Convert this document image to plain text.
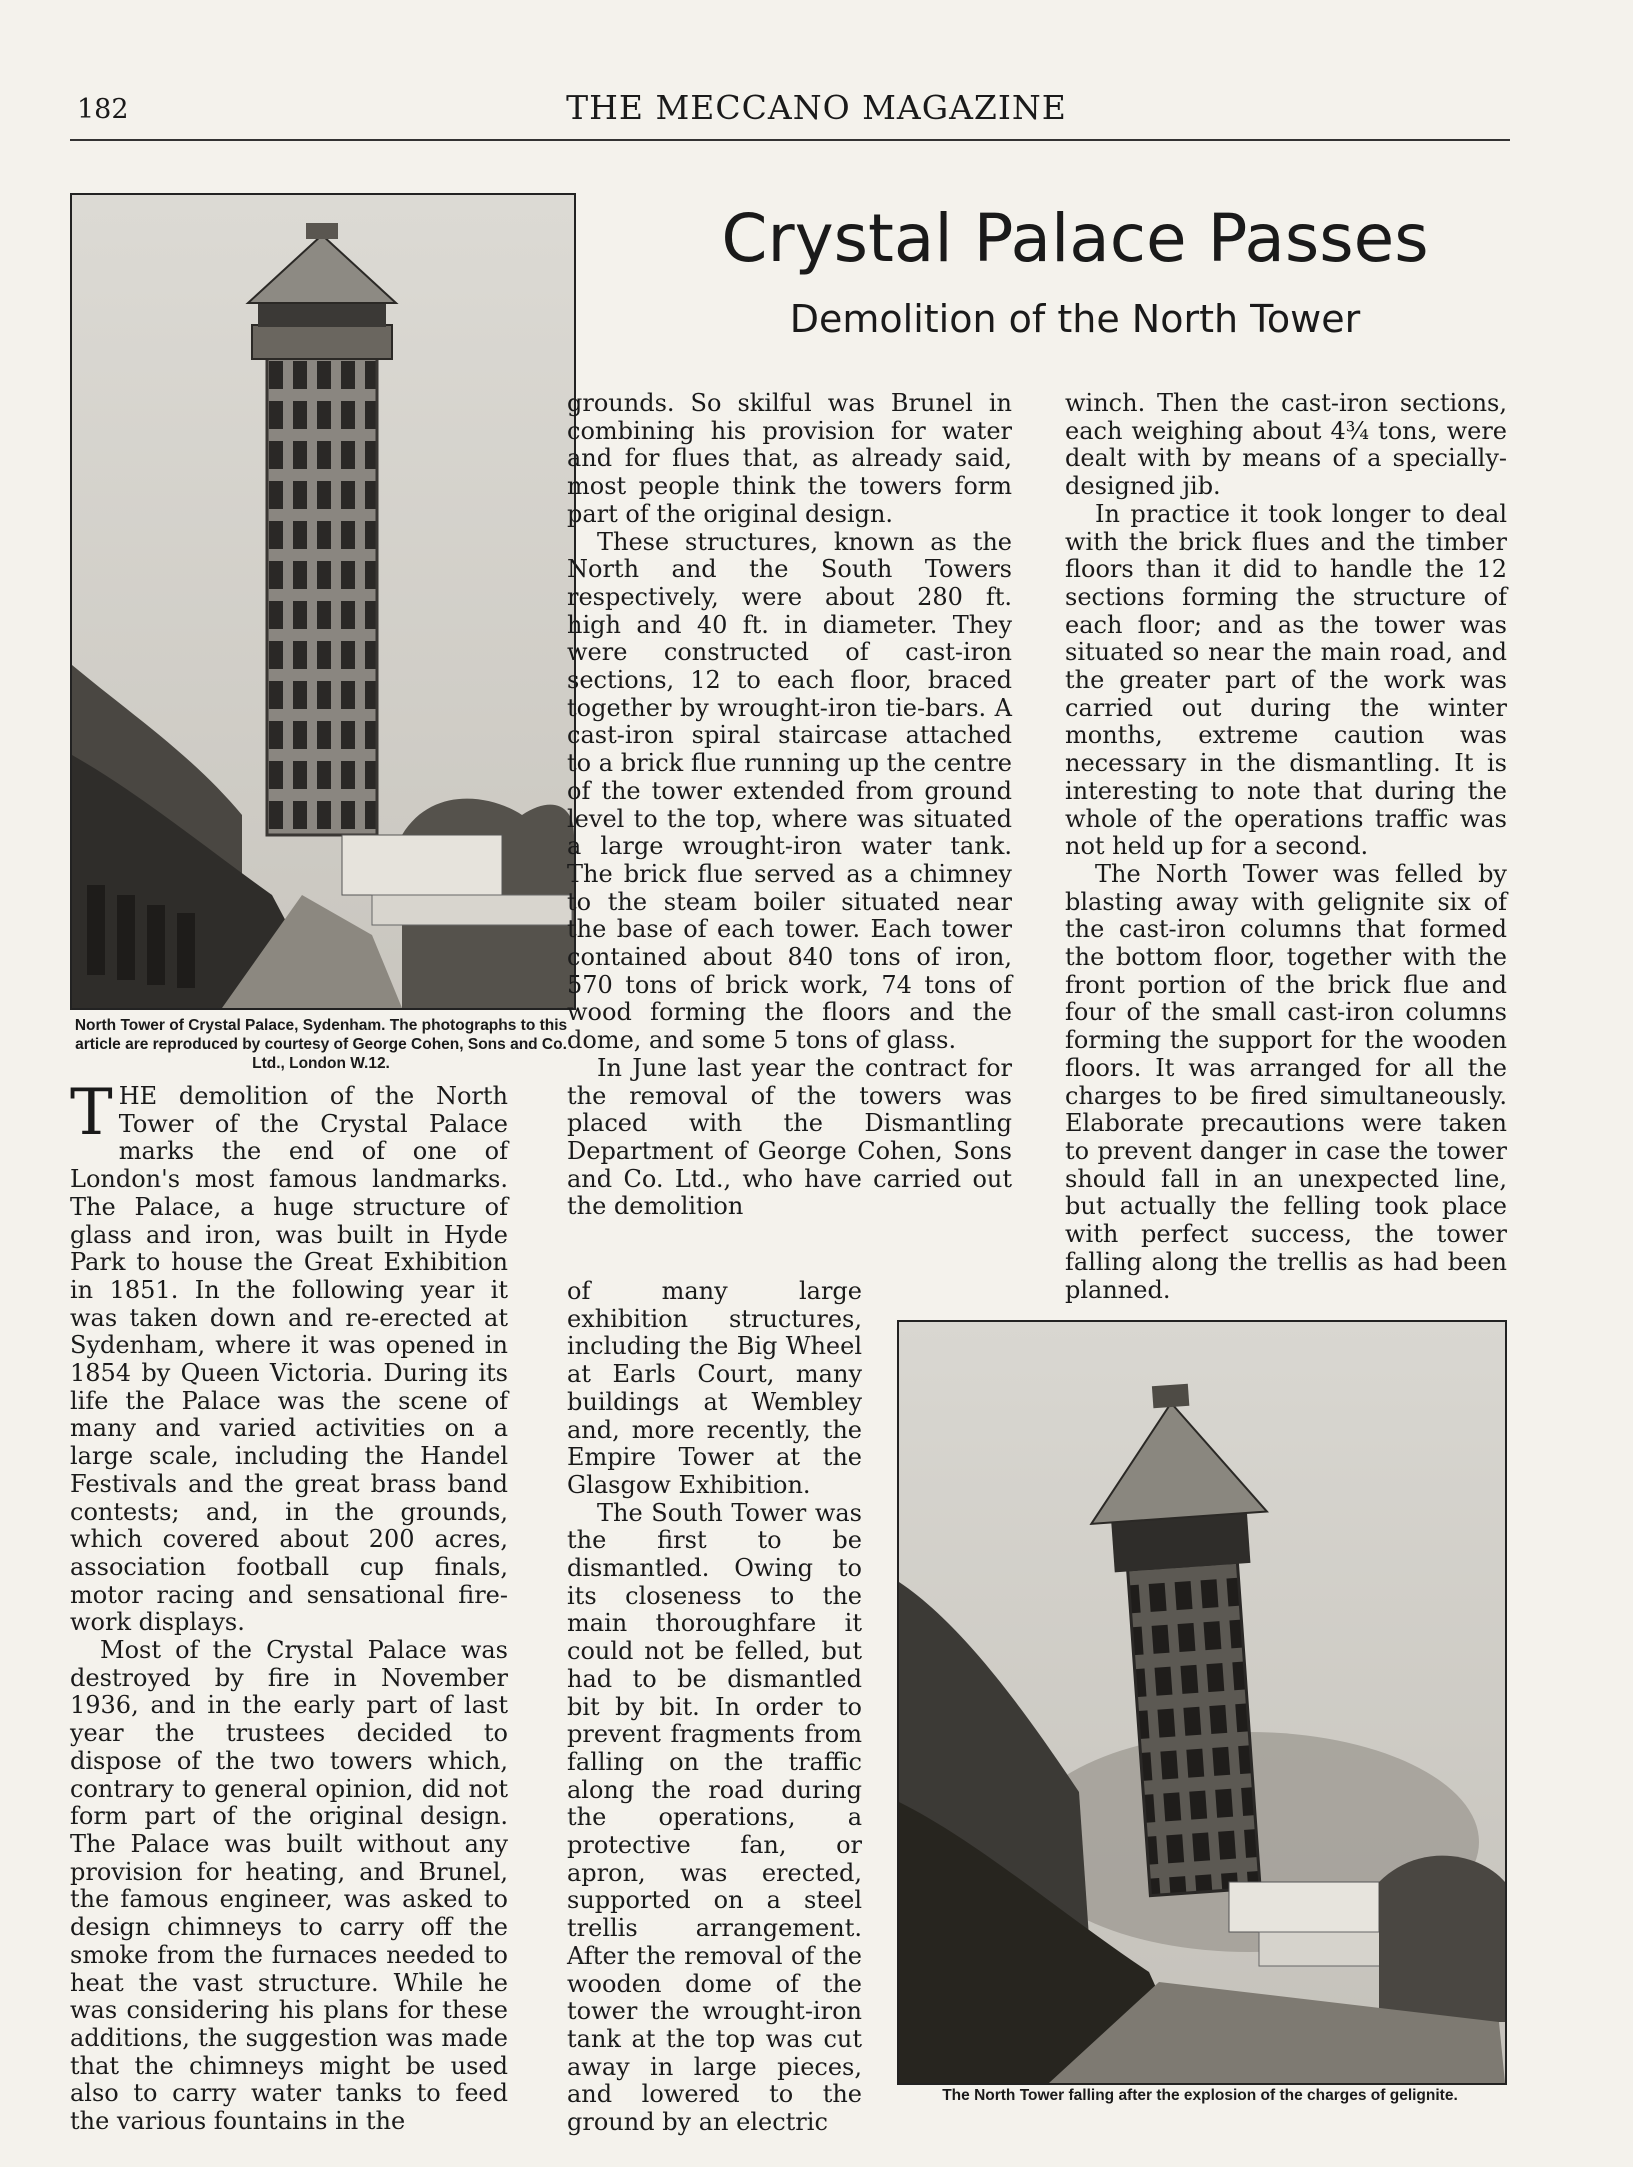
182	THE MECCANO MAGAZINE
Crystal Palace Passes
Demolition of the North Tower
North Tower of Crystal Palace, Sydenham. The photographs to this article are reproduced by courtesy of George Cohen, Sons and Co. Ltd., London W.12.
The North Tower falling after the explosion of the charges of gelignite.

THE demolition of the North Tower of the Crystal Palace marks the end of one of London's most famous landmarks. The Palace, a huge structure of glass and iron, was built in Hyde Park to house the Great Exhibition in 1851. In the following year it was taken down and re-erected at Sydenham, where it was opened in 1854 by Queen Victoria. During its life the Palace was the scene of many and varied activities on a large scale, including the Handel Festivals and the great brass band contests; and, in the grounds, which covered about 200 acres, association football cup finals, motor racing and sensational fire-work displays.

Most of the Crystal Palace was destroyed by fire in November 1936, and in the early part of last year the trustees decided to dispose of the two towers which, contrary to general opinion, did not form part of the original design. The Palace was built without any provision for heating, and Brunel, the famous engineer, was asked to design chimneys to carry off the smoke from the furnaces needed to heat the vast structure. While he was considering his plans for these additions, the suggestion was made that the chimneys might be used also to carry water tanks to feed the various fountains in the

grounds. So skilful was Brunel in combining his provision for water and for flues that, as already said, most people think the towers form part of the original design.

These structures, known as the North and the South Towers respectively, were about 280 ft. high and 40 ft. in diameter. They were constructed of cast-iron sections, 12 to each floor, braced together by wrought-iron tie-bars. A cast-iron spiral staircase attached to a brick flue running up the centre of the tower extended from ground level to the top, where was situated a large wrought-iron water tank. The brick flue served as a chimney to the steam boiler situated near the base of each tower. Each tower contained about 840 tons of iron, 570 tons of brick work, 74 tons of wood forming the floors and the dome, and some 5 tons of glass.

In June last year the contract for the removal of the towers was placed with the Dismantling Department of George Cohen, Sons and Co. Ltd., who have carried out the demolition

of many large exhibition structures, including the Big Wheel at Earls Court, many buildings at Wembley and, more recently, the Empire Tower at the Glasgow Exhibition.

The South Tower was the first to be dismantled. Owing to its closeness to the main thoroughfare it could not be felled, but had to be dismantled bit by bit. In order to prevent fragments from falling on the traffic along the road during the operations, a protective fan, or apron, was erected, supported on a steel trellis arrangement. After the removal of the wooden dome of the tower the wrought-iron tank at the top was cut away in large pieces, and lowered to the ground by an electric

winch. Then the cast-iron sections, each weighing about 4¾ tons, were dealt with by means of a specially-designed jib.

In practice it took longer to deal with the brick flues and the timber floors than it did to handle the 12 sections forming the structure of each floor; and as the tower was situated so near the main road, and the greater part of the work was carried out during the winter months, extreme caution was necessary in the dismantling. It is interesting to note that during the whole of the operations traffic was not held up for a second.

The North Tower was felled by blasting away with gelignite six of the cast-iron columns that formed the bottom floor, together with the front portion of the brick flue and four of the small cast-iron columns forming the support for the wooden floors. It was arranged for all the charges to be fired simultaneously. Elaborate precautions were taken to prevent danger in case the tower should fall in an unexpected line, but actually the felling took place with perfect success, the tower falling along the trellis as had been planned.
